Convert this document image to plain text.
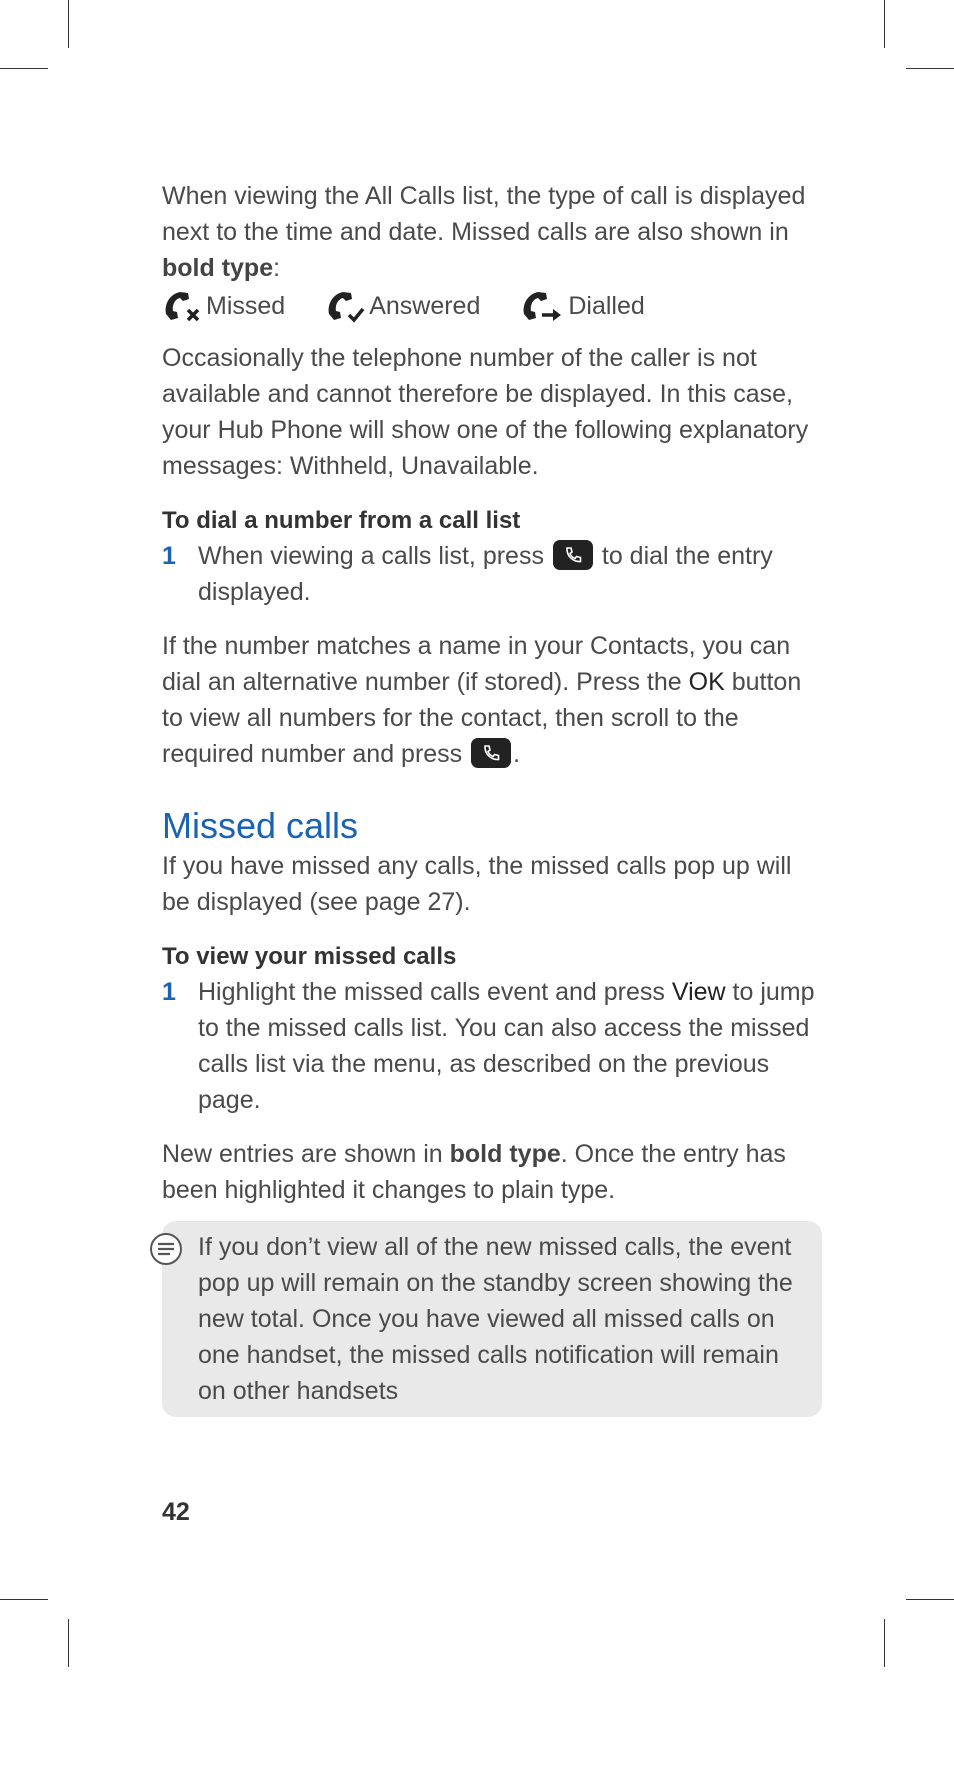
When viewing the All Calls list, the type of call is displayed next to the time and date. Missed calls are also shown in bold type:

Missed	Answered	Dialled

Occasionally the telephone number of the caller is not available and cannot therefore be displayed. In this case, your Hub Phone will show one of the following explanatory messages: Withheld, Unavailable.

To dial a number from a call list
1 When viewing a calls list, press to dial the entry displayed.

If the number matches a name in your Contacts, you can dial an alternative number (if stored). Press the OK button to view all numbers for the contact, then scroll to the required number and press .

Missed calls

If you have missed any calls, the missed calls pop up will be displayed (see page 27).

To view your missed calls
1 Highlight the missed calls event and press View to jump to the missed calls list. You can also access the missed calls list via the menu, as described on the previous page.

New entries are shown in bold type. Once the entry has been highlighted it changes to plain type.

If you don’t view all of the new missed calls, the event pop up will remain on the standby screen showing the new total. Once you have viewed all missed calls on one handset, the missed calls notification will remain on other handsets
42
